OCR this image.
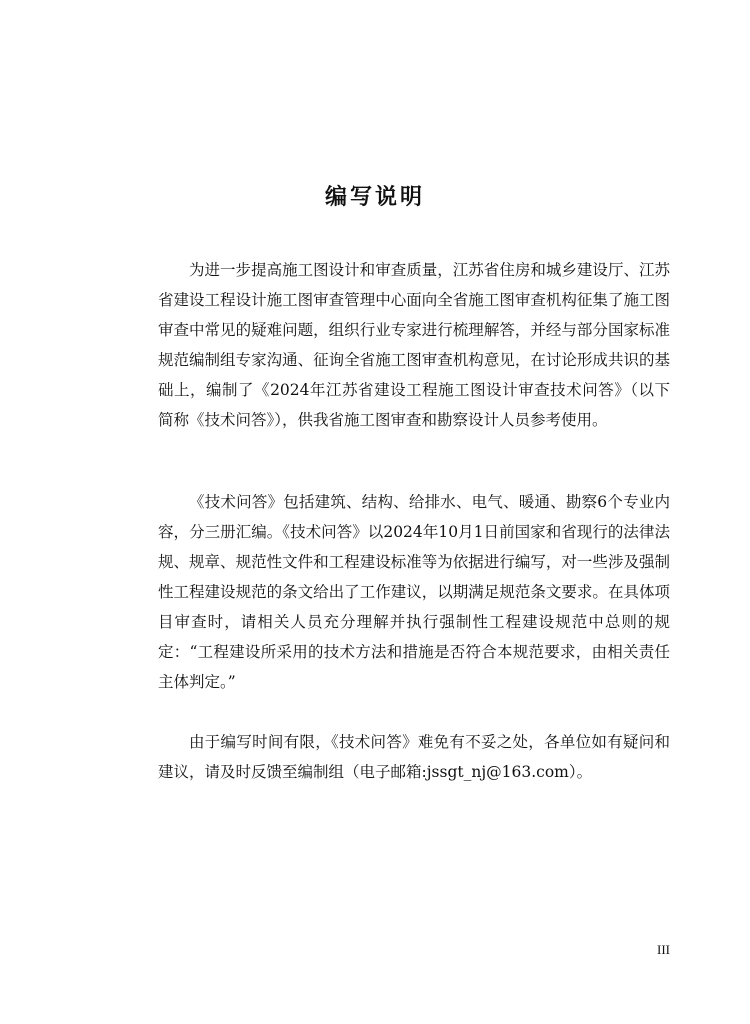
编写说明

为进一步提高施工图设计和审查质量，江苏省住房和城乡建设厅、江苏省建设工程设计施工图审查管理中心面向全省施工图审查机构征集了施工图审查中常见的疑难问题，组织行业专家进行梳理解答，并经与部分国家标准规范编制组专家沟通、征询全省施工图审查机构意见，在讨论形成共识的基础上，编制了《2024年江苏省建设工程施工图设计审查技术问答》（以下简称《技术问答》），供我省施工图审查和勘察设计人员参考使用。

《技术问答》包括建筑、结构、给排水、电气、暖通、勘察6个专业内容，分三册汇编。《技术问答》以2024年10月1日前国家和省现行的法律法规、规章、规范性文件和工程建设标准等为依据进行编写，对一些涉及强制性工程建设规范的条文给出了工作建议，以期满足规范条文要求。在具体项目审查时，请相关人员充分理解并执行强制性工程建设规范中总则的规定：“工程建设所采用的技术方法和措施是否符合本规范要求，由相关责任主体判定。”

由于编写时间有限，《技术问答》难免有不妥之处，各单位如有疑问和建议，请及时反馈至编制组（电子邮箱:jssgt_nj@163.com）。

III
